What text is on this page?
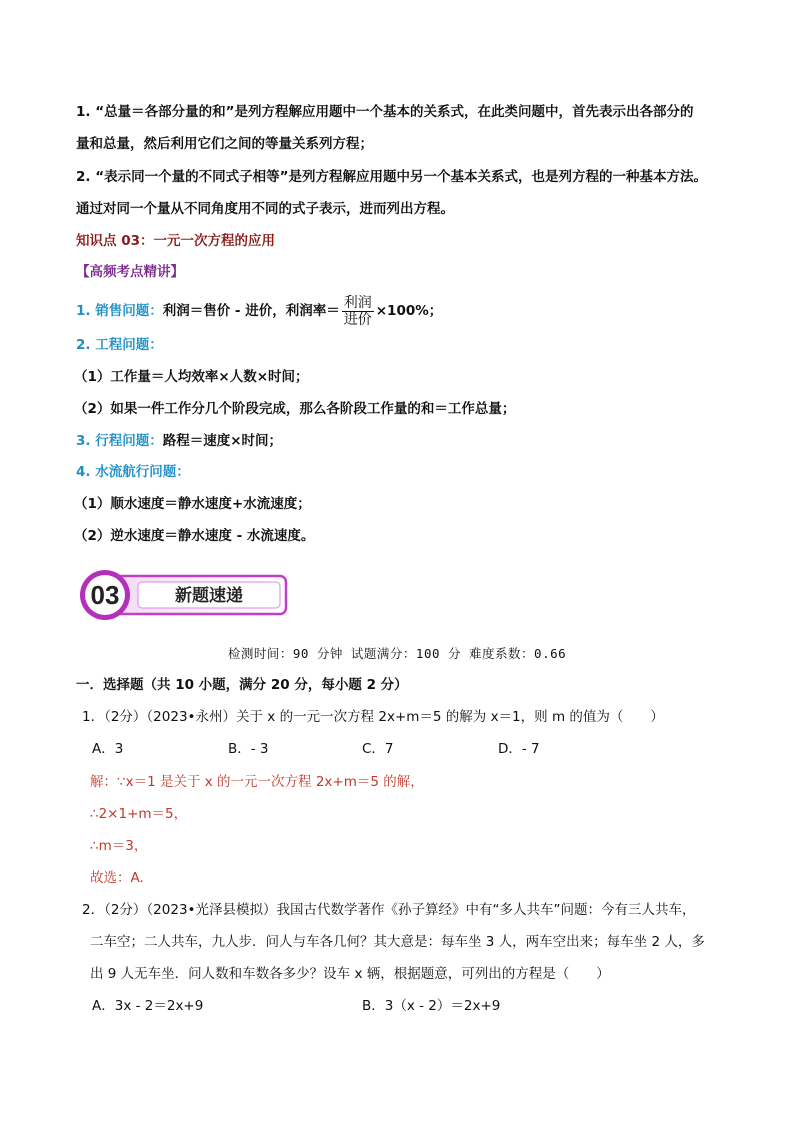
1. “总量＝各部分量的和”是列方程解应用题中一个基本的关系式，在此类问题中，首先表示出各部分的
量和总量，然后利用它们之间的等量关系列方程；
2. “表示同一个量的不同式子相等”是列方程解应用题中另一个基本关系式，也是列方程的一种基本方法。
通过对同一个量从不同角度用不同的式子表示，进而列出方程。
知识点 03：一元一次方程的应用
【高频考点精讲】
1. 销售问题：利润＝售价 - 进价，利润率＝ $\frac{\text{利润}}{\text{进价}} \times 100\%$；
2. 工程问题：
（1）工作量＝人均效率×人数×时间；
（2）如果一件工作分几个阶段完成，那么各阶段工作量的和＝工作总量；
3. 行程问题：路程＝速度×时间；
4. 水流航行问题：
（1）顺水速度＝静水速度+水流速度；
（2）逆水速度＝静水速度 - 水流速度。
03	新题速递
检测时间：90 分钟 试题满分：100 分 难度系数：0.66
一．选择题（共 10 小题，满分 20 分，每小题 2 分）
1．（2分）（2023•永州）关于 x 的一元一次方程 2x+m＝5 的解为 x＝1，则 m 的值为（　　）
A．3	B．- 3	C．7	D．- 7
解：∵x＝1 是关于 x 的一元一次方程 2x+m＝5 的解，
∴2×1+m＝5，
∴m＝3，
故选：A.
2．（2分）（2023•光泽县模拟）我国古代数学著作《孙子算经》中有“多人共车”问题：今有三人共车，
二车空；二人共车，九人步．问人与车各几何？其大意是：每车坐 3 人，两车空出来；每车坐 2 人，多
出 9 人无车坐．问人数和车数各多少？设车 x 辆，根据题意，可列出的方程是（　　）
A．3x - 2＝2x+9	B．3（x - 2）＝2x+9
